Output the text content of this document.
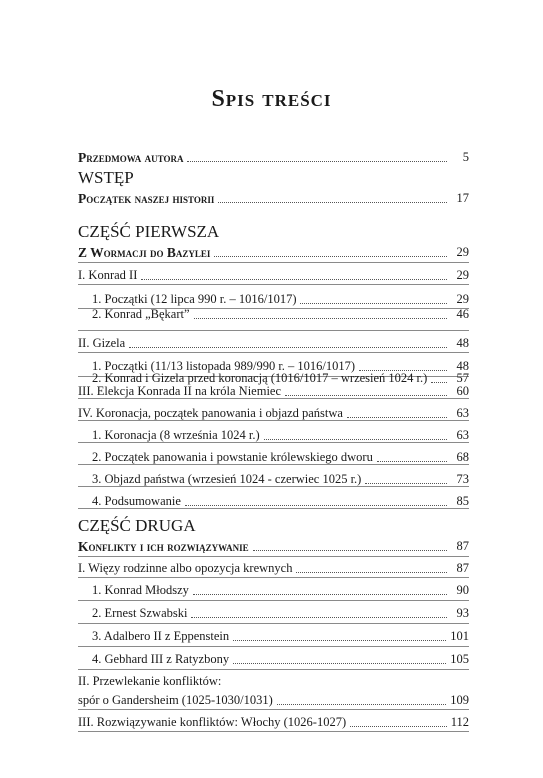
Spis treści
Przedmowa autora	5
WSTĘP
Początek naszej historii	17
CZĘŚĆ PIERWSZA
Z Wormacji do Bazylei	29
I. Konrad II	29
1. Początki (12 lipca 990 r. – 1016/1017)	29
2. Konrad „Bękart”	46
II. Gizela	48
1. Początki (11/13 listopada 989/990 r. – 1016/1017)	48
2. Konrad i Gizela przed koronacją (1016/1017 – wrzesień 1024 r.)	57
III. Elekcja Konrada II na króla Niemiec	60
IV. Koronacja, początek panowania i objazd państwa	63
1. Koronacja (8 września 1024 r.)	63
2. Początek panowania i powstanie królewskiego dworu	68
3. Objazd państwa (wrzesień 1024 - czerwiec 1025 r.)	73
4. Podsumowanie	85
CZĘŚĆ DRUGA
Konflikty i ich rozwiązywanie	87
I. Więzy rodzinne albo opozycja krewnych	87
1. Konrad Młodszy	90
2. Ernest Szwabski	93
3. Adalbero II z Eppenstein	101
4. Gebhard III z Ratyzbony	105
II. Przewlekanie konfliktów:
spór o Gandersheim (1025-1030/1031)	109
III. Rozwiązywanie konfliktów: Włochy (1026-1027)	112
